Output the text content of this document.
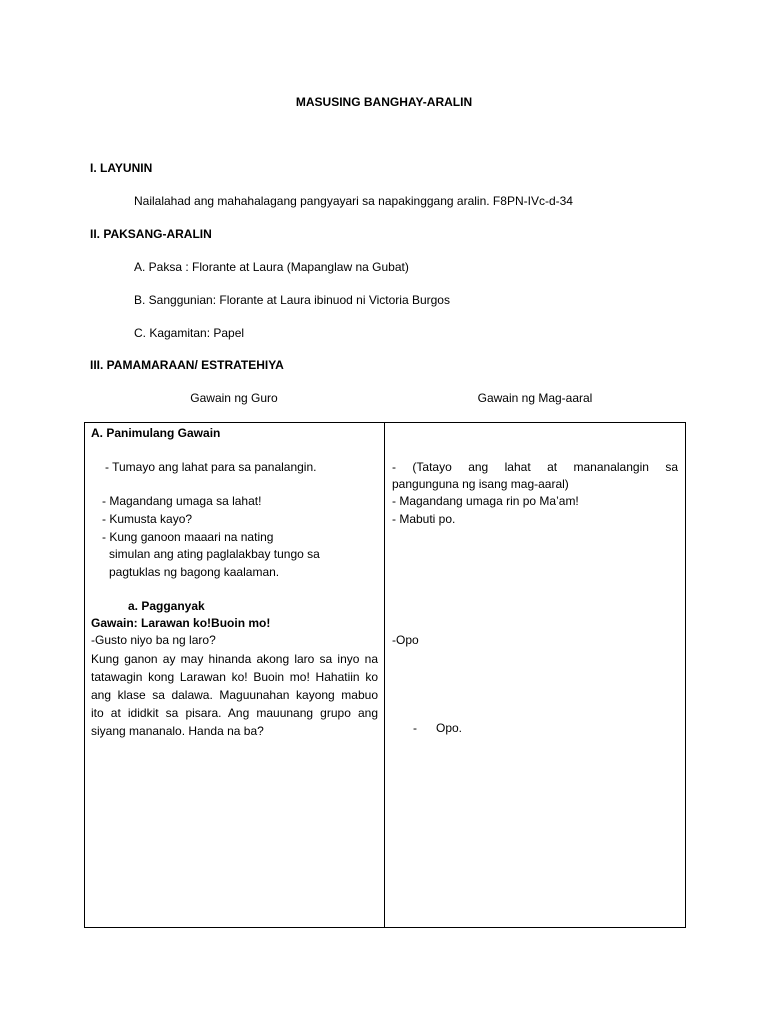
MASUSING BANGHAY-ARALIN
I. LAYUNIN
Nailalahad ang mahahalagang pangyayari sa napakinggang aralin. F8PN-IVc-d-34
II. PAKSANG-ARALIN
A. Paksa : Florante at Laura (Mapanglaw na Gubat)
B. Sanggunian: Florante at Laura ibinuod ni Victoria Burgos
C. Kagamitan: Papel
III. PAMAMARAAN/ ESTRATEHIYA
Gawain ng Guro	Gawain ng Mag-aaral
A. Panimulang Gawain
- Tumayo ang lahat para sa panalangin.
- Magandang umaga sa lahat!
- Kumusta kayo?
- Kung ganoon maaari na nating
simulan ang ating paglalakbay tungo sa
pagtuklas ng bagong kaalaman.
a. Pagganyak
Gawain: Larawan ko!Buoin mo!
-Gusto niyo ba ng laro?
Kung ganon ay may hinanda akong laro sa inyo na
tatawagin kong Larawan ko! Buoin mo! Hahatiin ko
ang klase sa dalawa. Maguunahan kayong mabuo
ito at ididkit sa pisara. Ang mauunang grupo ang
siyang mananalo. Handa na ba?
- (Tatayo ang lahat at mananalangin sa
pangunguna ng isang mag-aaral)
- Magandang umaga rin po Ma’am!
- Mabuti po.
-Opo
- Opo.
